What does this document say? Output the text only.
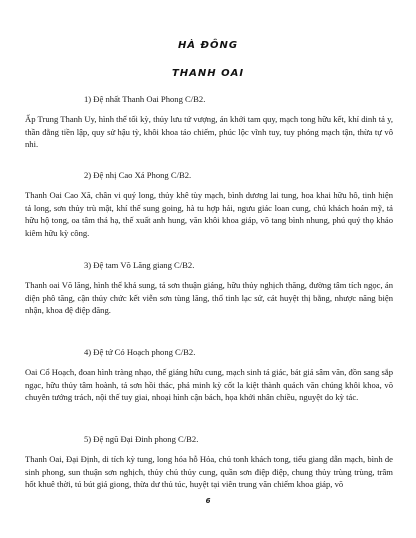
HÀ ĐÔNG
THANH OAI
1) Đệ nhất Thanh Oai Phong C/B2.
Ấp Trung Thanh Uy, hình thế tối kỳ, thủy lưu tứ vượng, án khởi tam quy, mạch tong hữu kết, khí dinh tả y, thần đằng tiền lập, quy sử hậu tỳ, khôi khoa tảo chiếm, phúc lộc vĩnh tuy, tuy phóng mạch tận, thừa tự vô nhi.
2) Đệ nhị Cao Xá Phong C/B2.
Thanh Oai Cao Xã, chân vi quý long, thủy khê tùy mạch, bình dương lai tung, hoa khai hữu hô, tinh hiện tả long, sơn thủy trù mật, khí thế sung going, hà tu hợp hải, ngưu giác loan cung, chủ khách hoán mỹ, tả hữu hộ tong, oa tâm thả hạ, thế xuất anh hung, văn khôi khoa giáp, võ tang bình nhung, phú quý thọ khảo kiêm hữu kỳ công.
3) Đệ tam Võ Lăng giang C/B2.
Thanh oai Võ lăng, hình thế khả sung, tả sơn thuận giáng, hữu thủy nghịch thăng, đường tâm tích ngọc, án diện phô tăng, cận thủy chức kết viễn sơn tùng lăng, thổ tinh lạc sử, cát huyệt thị bằng, nhược năng biện nhận, khoa đệ điệp đăng.
4) Đệ tứ Có Hoạch phong C/B2.
Oai Cổ Hoạch, đoan hình tràng nhạo, thế giáng hữu cung, mạch sinh tả giác, bát giả sâm văn, đồn sang sắp ngạc, hữu thủy tâm hoành, tả sơn hồi thác, phả minh kỳ cốt la kiệt thành quách văn chúng khôi khoa, võ chuyên tướng trách, nội thế tuy giai, nhoại hình cận bách, họa khởi nhân chiều, nguyệt do kỳ tác.
5) Đệ ngũ Đại Đinh phong C/B2.
Thanh Oai, Đại Định, di tích kỳ tung, long hóa hỗ Hỏa, chủ tonh khách tong, tiểu giang dẫn mạch, bình de sinh phong, sun thuận sơn nghịch, thủy chủ thủy cung, quần sơn điệp điệp, chung thủy trùng trùng, trâm hốt khuê thời, tú bút giá giong, thừa dư thủ túc, huyệt tại viên trung văn chiếm khoa giáp, võ
6
